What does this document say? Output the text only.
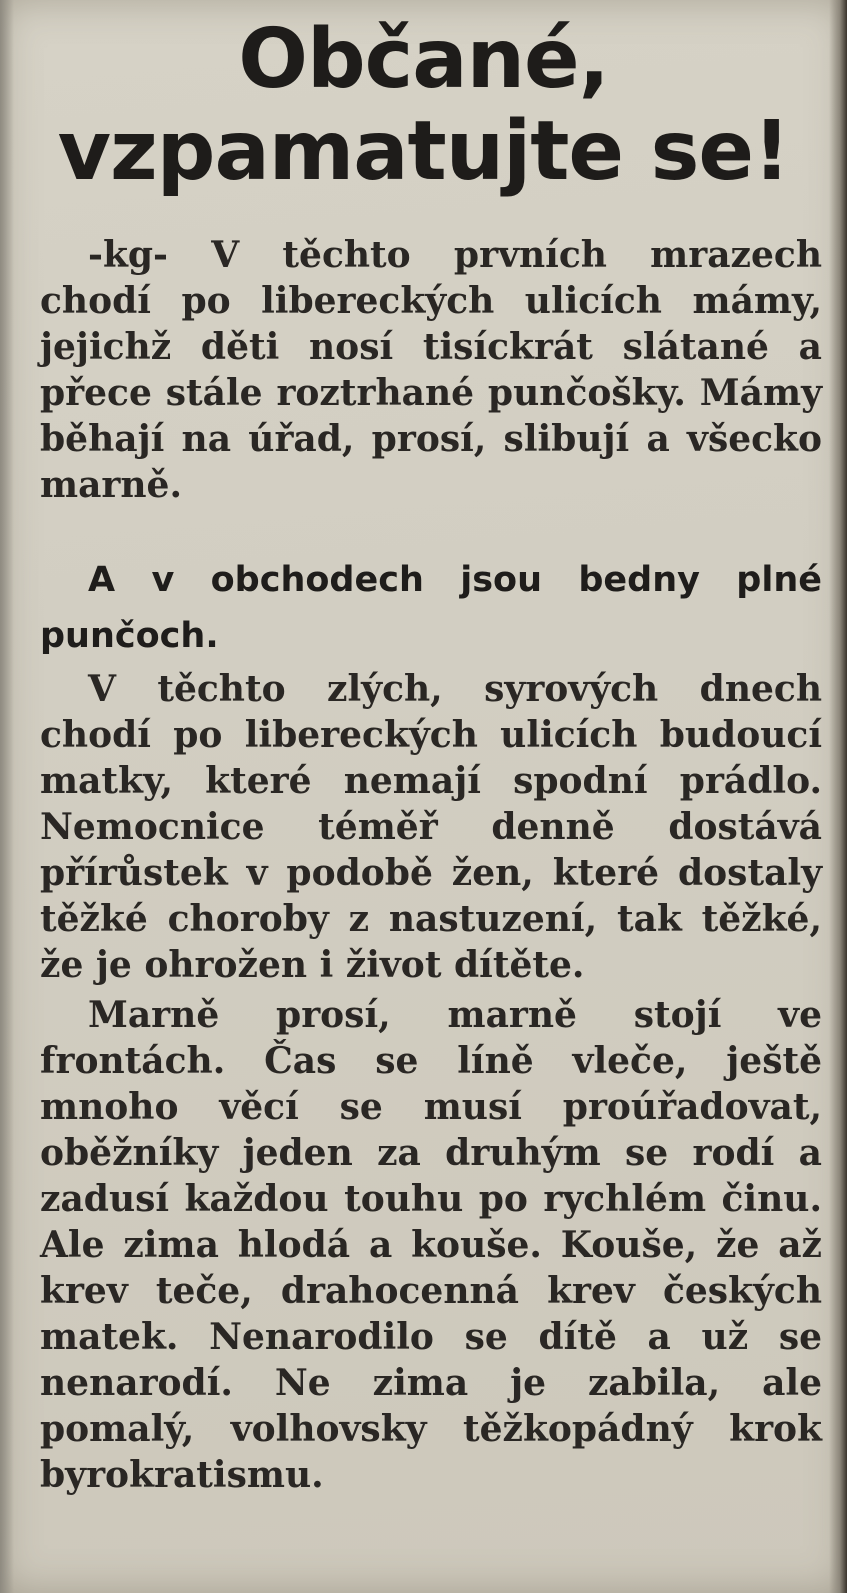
Občané,
vzpamatujte se!

-kg- V těchto prvních mrazech chodí po libereckých ulicích mámy, jejichž děti nosí tisíckrát slátané a přece stále roztrhané punčošky. Mámy běhají na úřad, prosí, slibují a všecko marně.

A v obchodech jsou bedny plné punčoch.

V těchto zlých, syrových dnech chodí po libereckých ulicích budoucí matky, které nemají spodní prádlo. Nemocnice téměř denně dostává přírůstek v podobě žen, které dostaly těžké choroby z nastuzení, tak těžké, že je ohrožen i život dítěte.

Marně prosí, marně stojí ve frontách. Čas se líně vleče, ještě mnoho věcí se musí proúřadovat, oběžníky jeden za druhým se rodí a zadusí každou touhu po rychlém činu. Ale zima hlodá a kouše. Kouše, že až krev teče, drahocenná krev českých matek. Nenarodilo se dítě a už se nenarodí. Ne zima je zabila, ale pomalý, volhovsky těžkopádný krok byrokratismu.
